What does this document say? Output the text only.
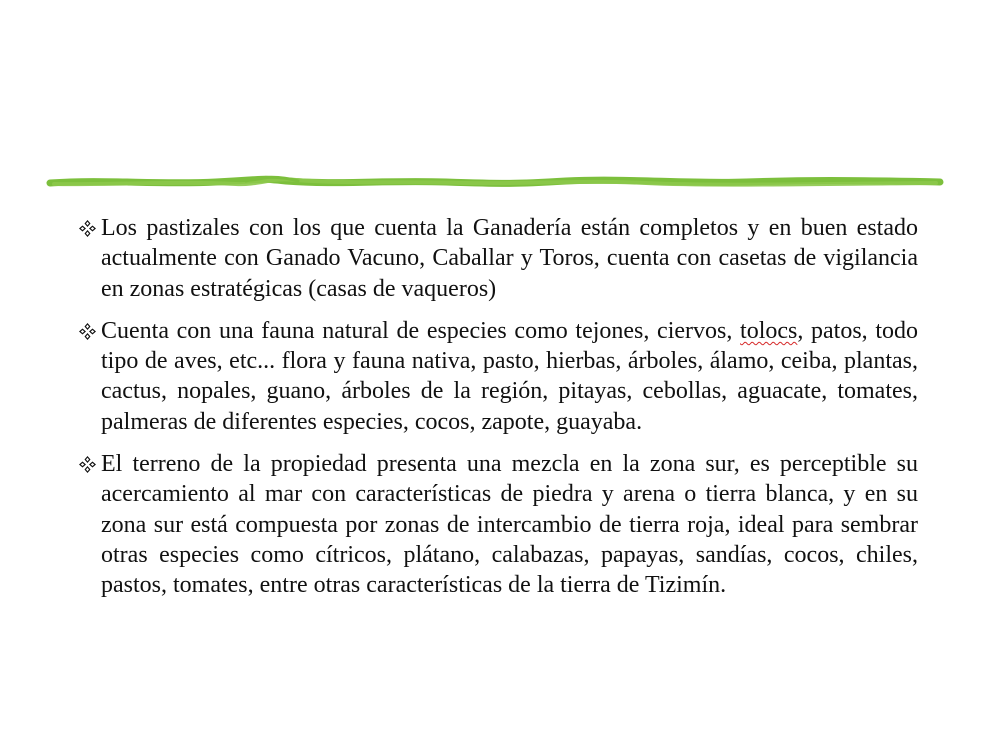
Los pastizales con los que cuenta la Ganadería están completos y en buen estado actualmente con Ganado Vacuno, Caballar y Toros, cuenta con casetas de vigilancia en zonas estratégicas (casas de vaqueros)
Cuenta con una fauna natural de especies como tejones, ciervos, tolocs, patos, todo tipo de aves, etc... flora y fauna nativa, pasto, hierbas, árboles, álamo, ceiba, plantas, cactus, nopales, guano, árboles de la región, pitayas, cebollas, aguacate, tomates, palmeras de diferentes especies, cocos, zapote, guayaba.
El terreno de la propiedad presenta una mezcla en la zona sur, es perceptible su acercamiento al mar con características de piedra y arena o tierra blanca, y en su zona sur está compuesta por zonas de intercambio de tierra roja, ideal para sembrar otras especies como cítricos, plátano, calabazas, papayas, sandías, cocos, chiles, pastos, tomates, entre otras características de la tierra de Tizimín.
